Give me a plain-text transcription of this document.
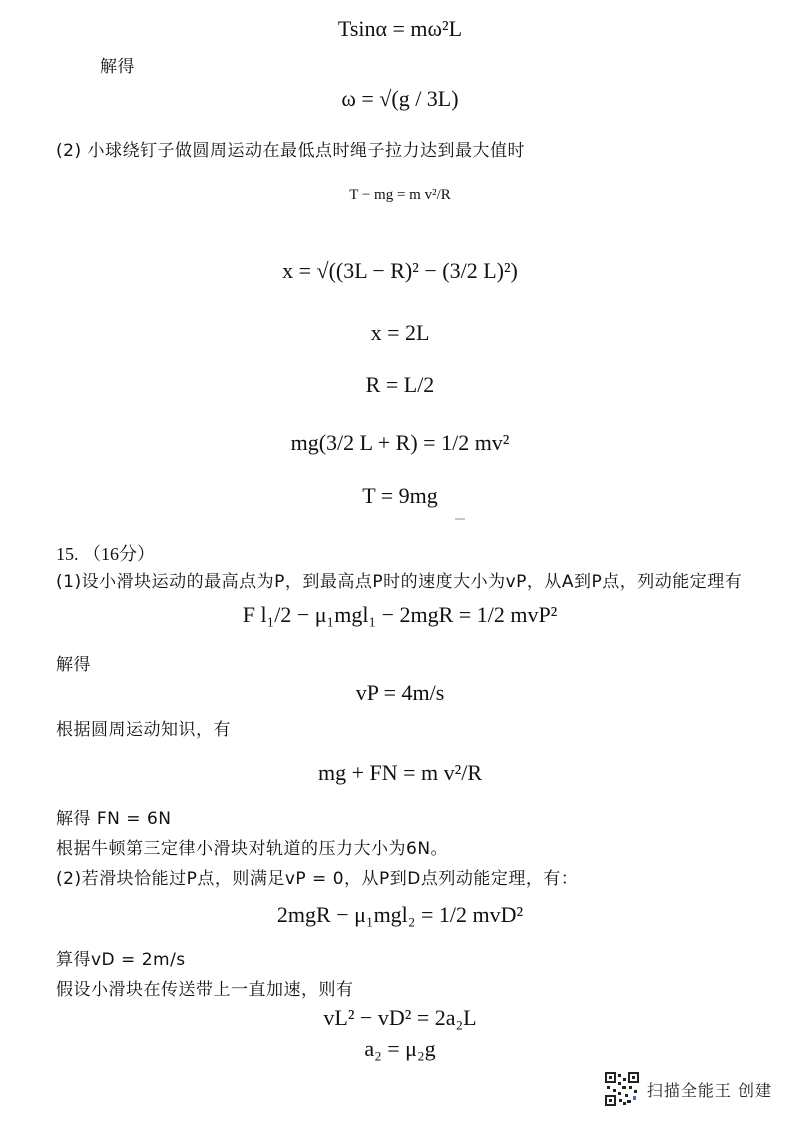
Tsinα = mω²L
解得
ω = √(g / 3L)
(2) 小球绕钉子做圆周运动在最低点时绳子拉力达到最大值时
T − mg = m v²/R
x = √((3L − R)² − (3/2 L)²)
x = 2L
R = L/2
mg(3/2 L + R) = 1/2 mv²
T = 9mg
15. （16分）
(1)设小滑块运动的最高点为P，到最高点P时的速度大小为vP，从A到P点，列动能定理有
F l₁/2 − μ₁mgl₁ − 2mgR = 1/2 mvP²
解得
vP = 4m/s
根据圆周运动知识，有
mg + FN = m v²/R
解得 FN = 6N
根据牛顿第三定律小滑块对轨道的压力大小为6N。
(2)若滑块恰能过P点，则满足vP = 0，从P到D点列动能定理，有：
2mgR − μ₁mgl₂ = 1/2 mvD²
算得vD = 2m/s
假设小滑块在传送带上一直加速，则有
vL² − vD² = 2a₂L
a₂ = μ₂g
扫描全能王 创建
